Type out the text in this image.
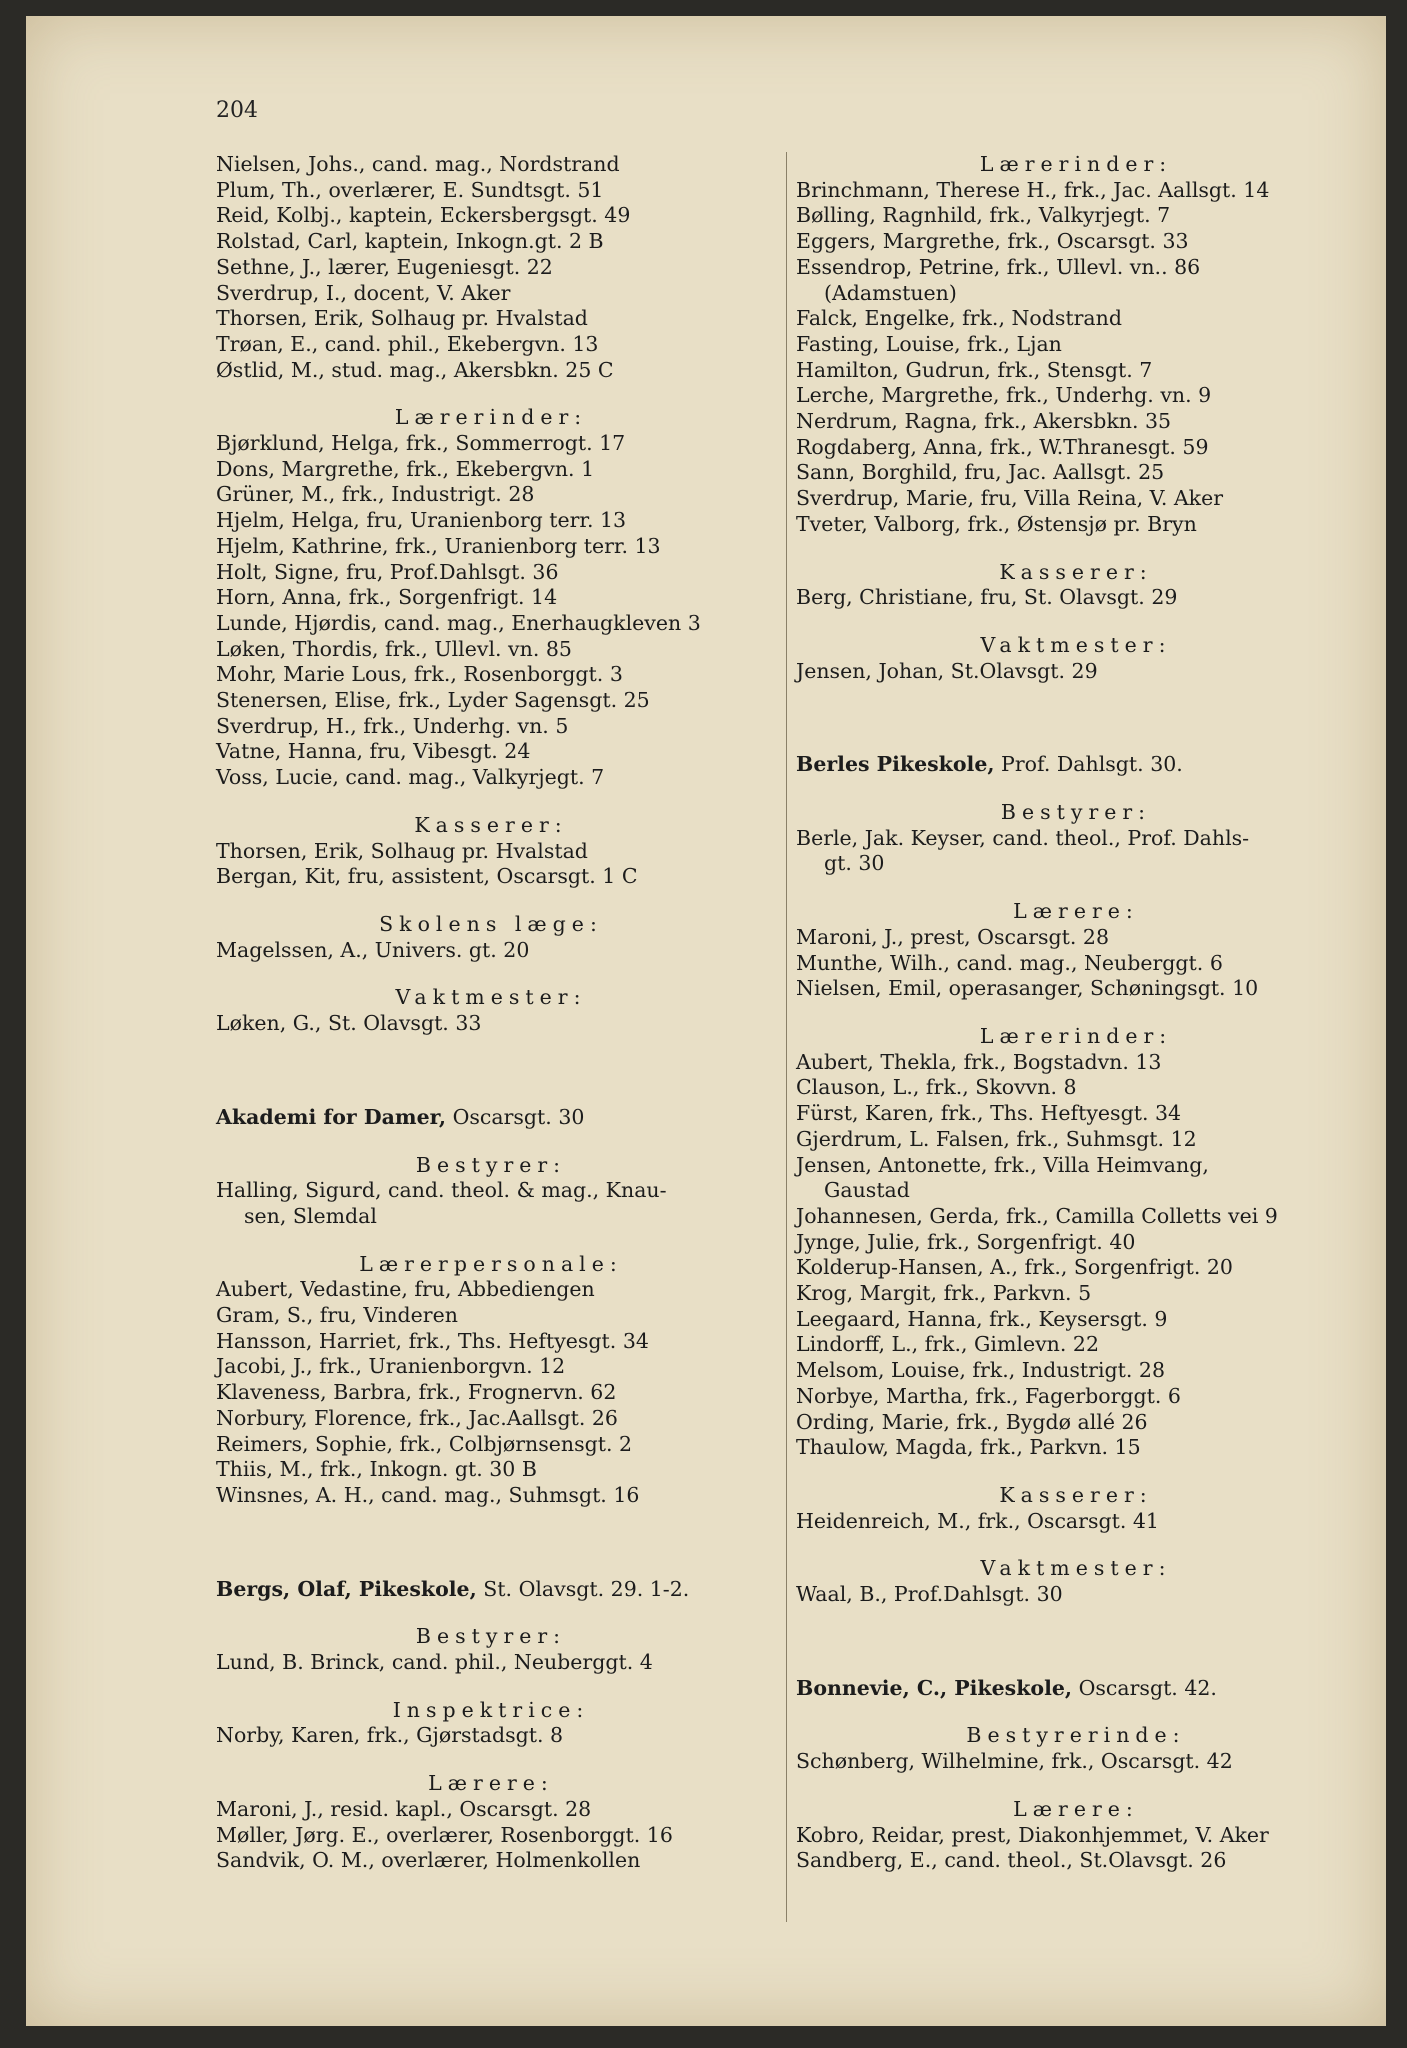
204
Nielsen, Johs., cand. mag., Nordstrand
Plum, Th., overlærer, E. Sundtsgt. 51
Reid, Kolbj., kaptein, Eckersbergsgt. 49
Rolstad, Carl, kaptein, Inkogn.gt. 2 B
Sethne, J., lærer, Eugeniesgt. 22
Sverdrup, I., docent, V. Aker
Thorsen, Erik, Solhaug pr. Hvalstad
Trøan, E., cand. phil., Ekebergvn. 13
Østlid, M., stud. mag., Akersbkn. 25 C
Lærerinder:
Bjørklund, Helga, frk., Sommerrogt. 17
Dons, Margrethe, frk., Ekebergvn. 1
Grüner, M., frk., Industrigt. 28
Hjelm, Helga, fru, Uranienborg terr. 13
Hjelm, Kathrine, frk., Uranienborg terr. 13
Holt, Signe, fru, Prof.Dahlsgt. 36
Horn, Anna, frk., Sorgenfrigt. 14
Lunde, Hjørdis, cand. mag., Enerhaugkleven 3
Løken, Thordis, frk., Ullevl. vn. 85
Mohr, Marie Lous, frk., Rosenborggt. 3
Stenersen, Elise, frk., Lyder Sagensgt. 25
Sverdrup, H., frk., Underhg. vn. 5
Vatne, Hanna, fru, Vibesgt. 24
Voss, Lucie, cand. mag., Valkyrjegt. 7
Kasserer:
Thorsen, Erik, Solhaug pr. Hvalstad
Bergan, Kit, fru, assistent, Oscarsgt. 1 C
Skolens læge:
Magelssen, A., Univers. gt. 20
Vaktmester:
Løken, G., St. Olavsgt. 33
Akademi for Damer, Oscarsgt. 30
Bestyrer:
Halling, Sigurd, cand. theol. & mag., Knau-
sen, Slemdal
Lærerpersonale:
Aubert, Vedastine, fru, Abbediengen
Gram, S., fru, Vinderen
Hansson, Harriet, frk., Ths. Heftyesgt. 34
Jacobi, J., frk., Uranienborgvn. 12
Klaveness, Barbra, frk., Frognervn. 62
Norbury, Florence, frk., Jac.Aallsgt. 26
Reimers, Sophie, frk., Colbjørnsensgt. 2
Thiis, M., frk., Inkogn. gt. 30 B
Winsnes, A. H., cand. mag., Suhmsgt. 16
Bergs, Olaf, Pikeskole, St. Olavsgt. 29. 1-2.
Bestyrer:
Lund, B. Brinck, cand. phil., Neuberggt. 4
Inspektrice:
Norby, Karen, frk., Gjørstadsgt. 8
Lærere:
Maroni, J., resid. kapl., Oscarsgt. 28
Møller, Jørg. E., overlærer, Rosenborggt. 16
Sandvik, O. M., overlærer, Holmenkollen
Lærerinder:
Brinchmann, Therese H., frk., Jac. Aallsgt. 14
Bølling, Ragnhild, frk., Valkyrjegt. 7
Eggers, Margrethe, frk., Oscarsgt. 33
Essendrop, Petrine, frk., Ullevl. vn.. 86
(Adamstuen)
Falck, Engelke, frk., Nodstrand
Fasting, Louise, frk., Ljan
Hamilton, Gudrun, frk., Stensgt. 7
Lerche, Margrethe, frk., Underhg. vn. 9
Nerdrum, Ragna, frk., Akersbkn. 35
Rogdaberg, Anna, frk., W.Thranesgt. 59
Sann, Borghild, fru, Jac. Aallsgt. 25
Sverdrup, Marie, fru, Villa Reina, V. Aker
Tveter, Valborg, frk., Østensjø pr. Bryn
Kasserer:
Berg, Christiane, fru, St. Olavsgt. 29
Vaktmester:
Jensen, Johan, St.Olavsgt. 29
Berles Pikeskole, Prof. Dahlsgt. 30.
Bestyrer:
Berle, Jak. Keyser, cand. theol., Prof. Dahls-
gt. 30
Lærere:
Maroni, J., prest, Oscarsgt. 28
Munthe, Wilh., cand. mag., Neuberggt. 6
Nielsen, Emil, operasanger, Schøningsgt. 10
Lærerinder:
Aubert, Thekla, frk., Bogstadvn. 13
Clauson, L., frk., Skovvn. 8
Fürst, Karen, frk., Ths. Heftyesgt. 34
Gjerdrum, L. Falsen, frk., Suhmsgt. 12
Jensen, Antonette, frk., Villa Heimvang,
Gaustad
Johannesen, Gerda, frk., Camilla Colletts vei 9
Jynge, Julie, frk., Sorgenfrigt. 40
Kolderup-Hansen, A., frk., Sorgenfrigt. 20
Krog, Margit, frk., Parkvn. 5
Leegaard, Hanna, frk., Keysersgt. 9
Lindorff, L., frk., Gimlevn. 22
Melsom, Louise, frk., Industrigt. 28
Norbye, Martha, frk., Fagerborggt. 6
Ording, Marie, frk., Bygdø allé 26
Thaulow, Magda, frk., Parkvn. 15
Kasserer:
Heidenreich, M., frk., Oscarsgt. 41
Vaktmester:
Waal, B., Prof.Dahlsgt. 30
Bonnevie, C., Pikeskole, Oscarsgt. 42.
Bestyrerinde:
Schønberg, Wilhelmine, frk., Oscarsgt. 42
Lærere:
Kobro, Reidar, prest, Diakonhjemmet, V. Aker
Sandberg, E., cand. theol., St.Olavsgt. 26
